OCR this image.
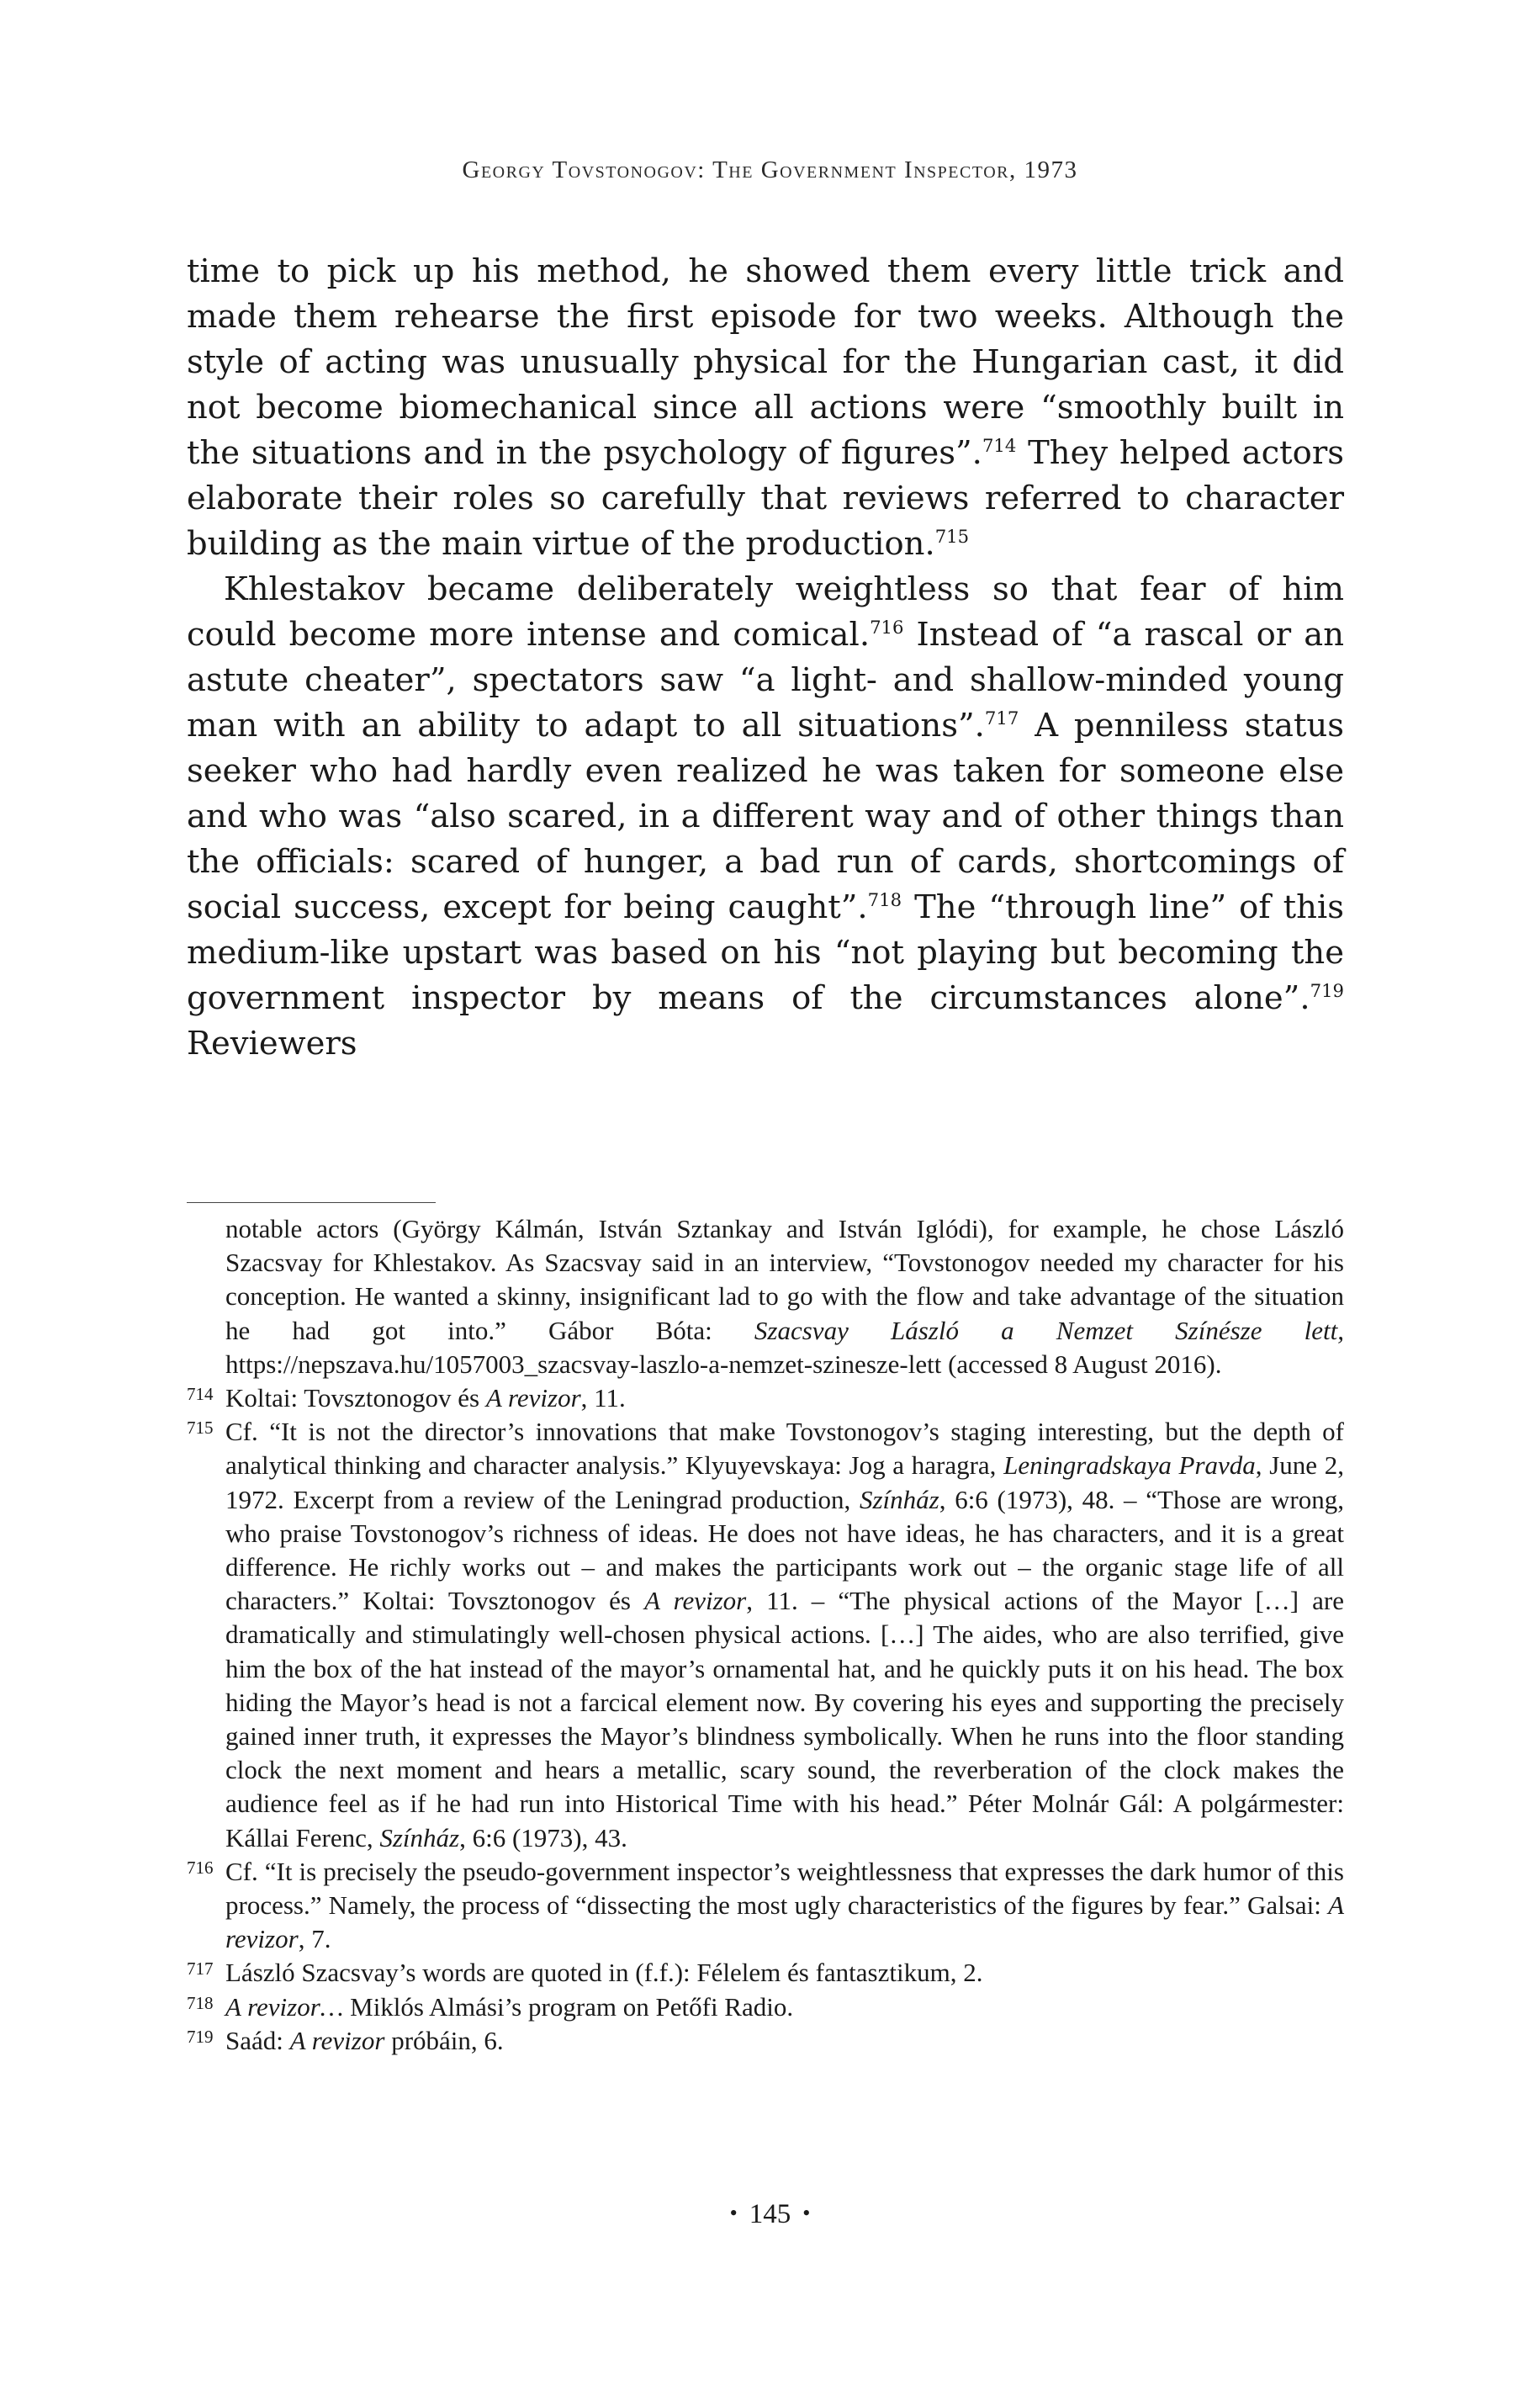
Georgy Tovstonogov: The Government Inspector, 1973

time to pick up his method, he showed them every little trick and made them rehearse the first episode for two weeks. Although the style of acting was unusually physical for the Hungarian cast, it did not become biomechanical since all actions were “smoothly built in the situations and in the psychology of figures”.$^{714}$ They helped actors elaborate their roles so carefully that reviews referred to character building as the main virtue of the production.$^{715}$

Khlestakov became deliberately weightless so that fear of him could become more intense and comical.$^{716}$ Instead of “a rascal or an astute cheater”, spectators saw “a light- and shallow-minded young man with an ability to adapt to all situations”.$^{717}$ A penniless status seeker who had hardly even realized he was taken for someone else and who was “also scared, in a different way and of other things than the officials: scared of hunger, a bad run of cards, shortcomings of social success, except for being caught”.$^{718}$ The “through line” of this medium-like upstart was based on his “not playing but becoming the government inspector by means of the circumstances alone”.$^{719}$ Reviewers

notable actors (György Kálmán, István Sztankay and István Iglódi), for example, he chose László Szacsvay for Khlestakov. As Szacsvay said in an interview, “Tovstonogov needed my character for his conception. He wanted a skinny, insignificant lad to go with the flow and take advantage of the situation he had got into.” Gábor Bóta: Szacsvay László a Nemzet Színésze lett, https://nepszava.hu/1057003_szacsvay-laszlo-a-nemzet-szinesze-lett (accessed 8 August 2016).

714 Koltai: Tovsztonogov és A revizor, 11.

715 Cf. “It is not the director’s innovations that make Tovstonogov’s staging interesting, but the depth of analytical thinking and character analysis.” Klyuyevskaya: Jog a haragra, Leningradskaya Pravda, June 2, 1972. Excerpt from a review of the Leningrad production, Színház, 6:6 (1973), 48. – “Those are wrong, who praise Tovstonogov’s richness of ideas. He does not have ideas, he has characters, and it is a great difference. He richly works out – and makes the participants work out – the organic stage life of all characters.” Koltai: Tovsztonogov és A revizor, 11. – “The physical actions of the Mayor […] are dramatically and stimulatingly well-chosen physical actions. […] The aides, who are also terrified, give him the box of the hat instead of the mayor’s ornamental hat, and he quickly puts it on his head. The box hiding the Mayor’s head is not a farcical element now. By covering his eyes and supporting the precisely gained inner truth, it expresses the Mayor’s blindness symbolically. When he runs into the floor standing clock the next moment and hears a metallic, scary sound, the reverberation of the clock makes the audience feel as if he had run into Historical Time with his head.” Péter Molnár Gál: A polgármester: Kállai Ferenc, Színház, 6:6 (1973), 43.

716 Cf. “It is precisely the pseudo-government inspector’s weightlessness that expresses the dark humor of this process.” Namely, the process of “dissecting the most ugly characteristics of the figures by fear.” Galsai: A revizor, 7.

717 László Szacsvay’s words are quoted in (f.f.): Félelem és fantasztikum, 2.

718 A revizor… Miklós Almási’s program on Petőfi Radio.

719 Saád: A revizor próbáin, 6.

• 145 •
